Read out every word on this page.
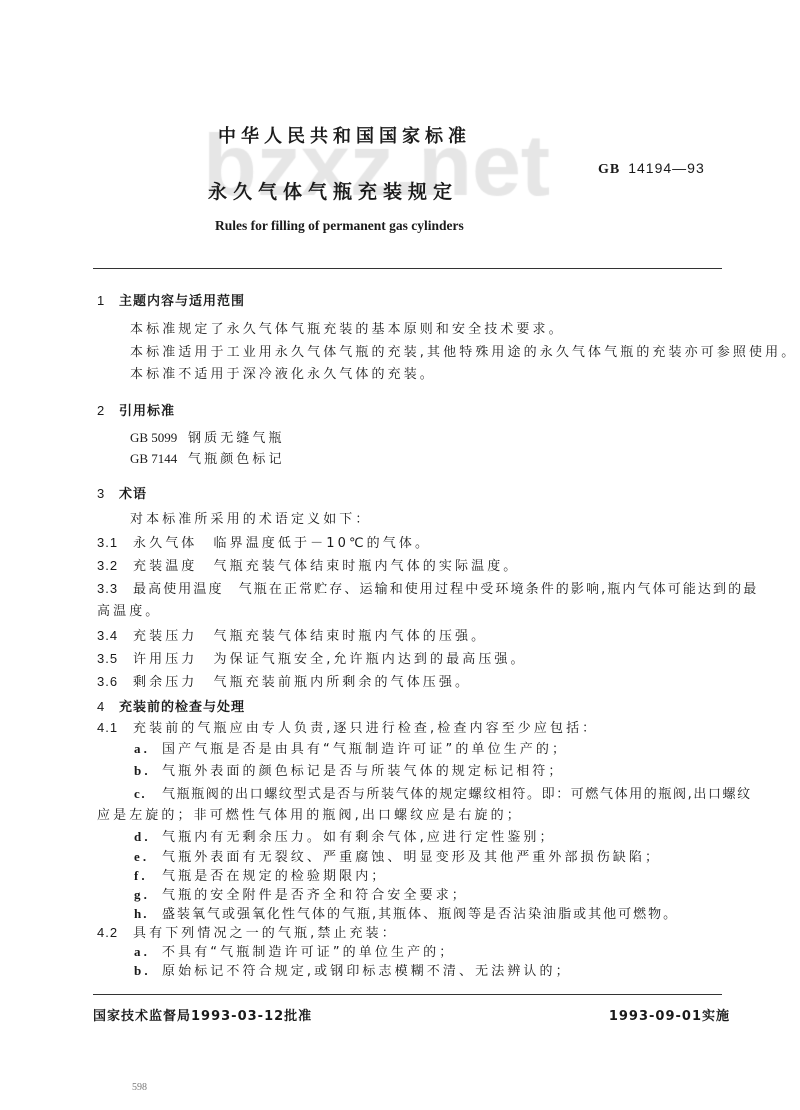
中华人民共和国国家标准
GB 14194—93
永久气体气瓶充装规定
Rules for filling of permanent gas cylinders
1 主题内容与适用范围
本标准规定了永久气体气瓶充装的基本原则和安全技术要求。
本标准适用于工业用永久气体气瓶的充装,其他特殊用途的永久气体气瓶的充装亦可参照使用。
本标准不适用于深冷液化永久气体的充装。
2 引用标准
GB 5099 钢质无缝气瓶
GB 7144 气瓶颜色标记
3 术语
对本标准所采用的术语定义如下：
3.1 永久气体　临界温度低于－10℃的气体。
3.2 充装温度　气瓶充装气体结束时瓶内气体的实际温度。
3.3 最高使用温度　气瓶在正常贮存、运输和使用过程中受环境条件的影响,瓶内气体可能达到的最
高温度。
3.4 充装压力　气瓶充装气体结束时瓶内气体的压强。
3.5 许用压力　为保证气瓶安全,允许瓶内达到的最高压强。
3.6 剩余压力　气瓶充装前瓶内所剩余的气体压强。
4 充装前的检查与处理
4.1 充装前的气瓶应由专人负责,逐只进行检查,检查内容至少应包括：
a. 国产气瓶是否是由具有“气瓶制造许可证”的单位生产的；
b. 气瓶外表面的颜色标记是否与所装气体的规定标记相符；
c. 气瓶瓶阀的出口螺纹型式是否与所装气体的规定螺纹相符。即：可燃气体用的瓶阀,出口螺纹
应是左旋的；非可燃性气体用的瓶阀,出口螺纹应是右旋的；
d. 气瓶内有无剩余压力。如有剩余气体,应进行定性鉴别；
e. 气瓶外表面有无裂纹、严重腐蚀、明显变形及其他严重外部损伤缺陷；
f. 气瓶是否在规定的检验期限内；
g. 气瓶的安全附件是否齐全和符合安全要求；
h. 盛装氧气或强氧化性气体的气瓶,其瓶体、瓶阀等是否沾染油脂或其他可燃物。
4.2 具有下列情况之一的气瓶,禁止充装：
a. 不具有“气瓶制造许可证”的单位生产的；
b. 原始标记不符合规定,或钢印标志模糊不清、无法辨认的；
国家技术监督局1993-03-12批准	1993-09-01实施
598
